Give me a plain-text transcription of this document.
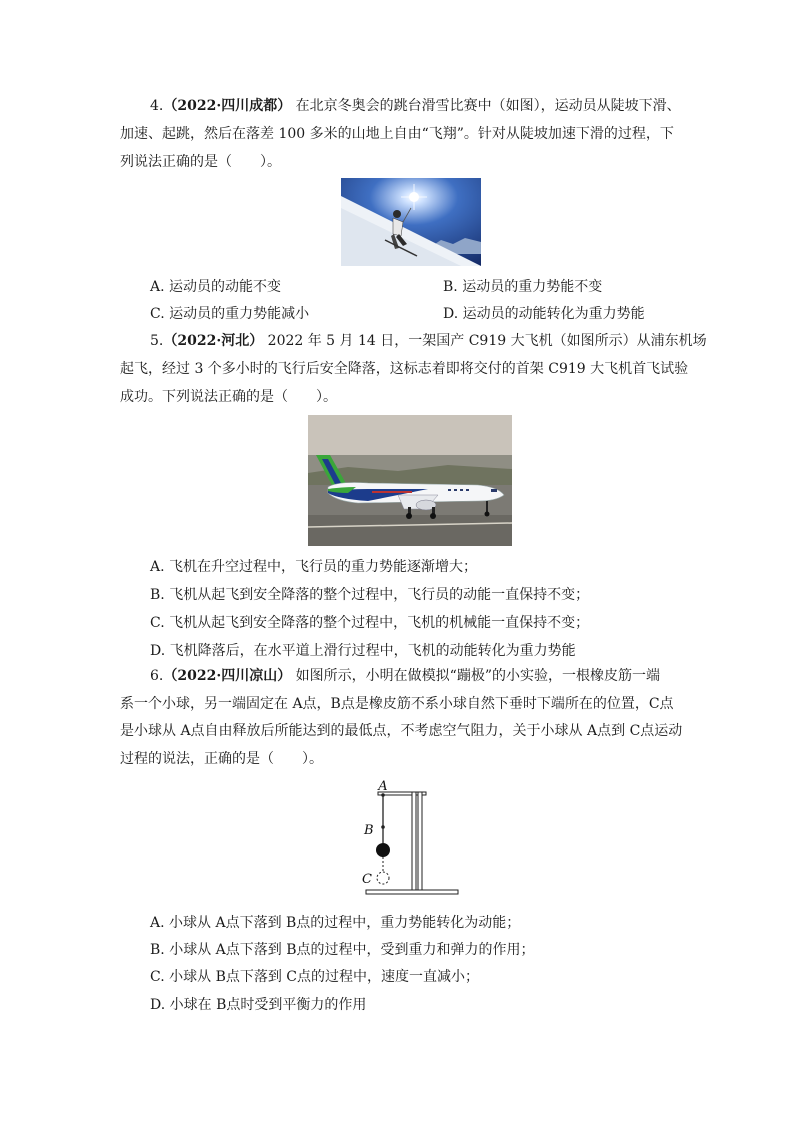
4.（2022·四川成都） 在北京冬奥会的跳台滑雪比赛中（如图），运动员从陡坡下滑、
加速、起跳，然后在落差 100 多米的山地上自由“飞翔”。针对从陡坡加速下滑的过程，下
列说法正确的是（　　）。
A. 运动员的动能不变	B. 运动员的重力势能不变
C. 运动员的重力势能减小	D. 运动员的动能转化为重力势能
5.（2022·河北） 2022 年 5 月 14 日，一架国产 C919 大飞机（如图所示）从浦东机场
起飞，经过 3 个多小时的飞行后安全降落，这标志着即将交付的首架 C919 大飞机首飞试验
成功。下列说法正确的是（　　）。
A. 飞机在升空过程中，飞行员的重力势能逐渐增大；
B. 飞机从起飞到安全降落的整个过程中，飞行员的动能一直保持不变；
C. 飞机从起飞到安全降落的整个过程中，飞机的机械能一直保持不变；
D. 飞机降落后，在水平道上滑行过程中，飞机的动能转化为重力势能
6.（2022·四川凉山） 如图所示，小明在做模拟“蹦极”的小实验，一根橡皮筋一端
系一个小球，另一端固定在 A点，B点是橡皮筋不系小球自然下垂时下端所在的位置，C点
是小球从 A点自由释放后所能达到的最低点，不考虑空气阻力，关于小球从 A点到 C点运动
过程的说法，正确的是（　　）。
A
B
C
A. 小球从 A点下落到 B点的过程中，重力势能转化为动能；
B. 小球从 A点下落到 B点的过程中，受到重力和弹力的作用；
C. 小球从 B点下落到 C点的过程中，速度一直减小；
D. 小球在 B点时受到平衡力的作用
